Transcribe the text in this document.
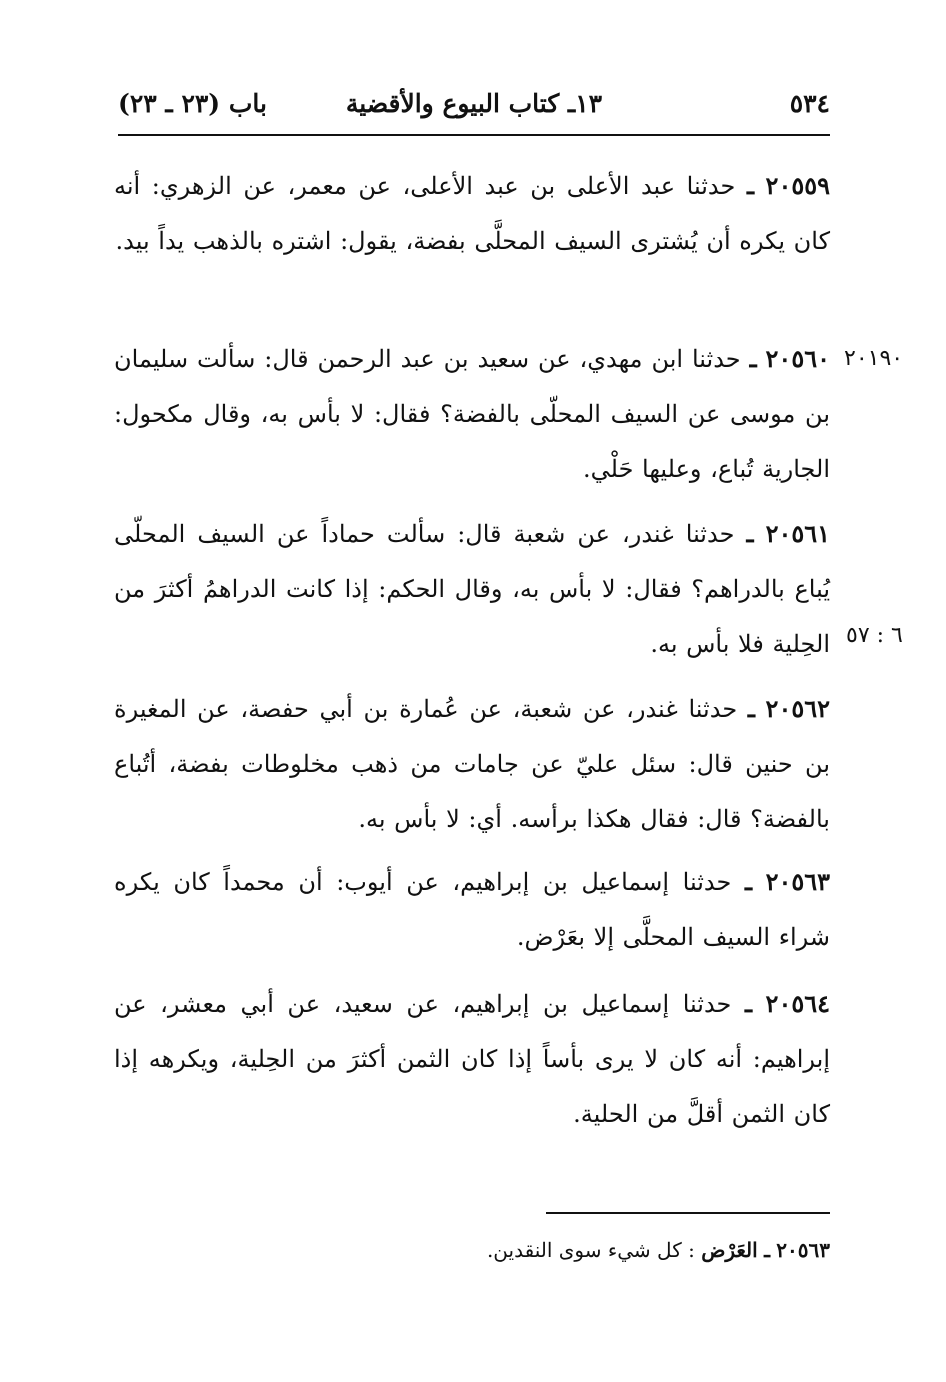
٥٣٤
١٣ـ كتاب البيوع والأقضية
باب (٢٣ ـ ٢٣)
٢٠٥٥٩ ـ حدثنا عبد الأعلى بن عبد الأعلى، عن معمر، عن الزهري: أنه كان يكره أن يُشترى السيف المحلَّى بفضة، يقول: اشتره بالذهب يداً بيد.
٢٠١٩٠
٢٠٥٦٠ ـ حدثنا ابن مهدي، عن سعيد بن عبد الرحمن قال: سألت سليمان بن موسى عن السيف المحلّى بالفضة؟ فقال: لا بأس به، وقال مكحول: الجارية تُباع، وعليها حَلْي.
٦ : ٥٧
٢٠٥٦١ ـ حدثنا غندر، عن شعبة قال: سألت حماداً عن السيف المحلّى يُباع بالدراهم؟ فقال: لا بأس به، وقال الحكم: إذا كانت الدراهمُ أكثرَ من الحِلية فلا بأس به.
٢٠٥٦٢ ـ حدثنا غندر، عن شعبة، عن عُمارة بن أبي حفصة، عن المغيرة بن حنين قال: سئل عليّ عن جامات من ذهب مخلوطات بفضة، أتُباع بالفضة؟ قال: فقال هكذا برأسه. أي: لا بأس به.
٢٠٥٦٣ ـ حدثنا إسماعيل بن إبراهيم، عن أيوب: أن محمداً كان يكره شراء السيف المحلَّى إلا بعَرْض.
٢٠٥٦٤ ـ حدثنا إسماعيل بن إبراهيم، عن سعيد، عن أبي معشر، عن إبراهيم: أنه كان لا يرى بأساً إذا كان الثمن أكثرَ من الحِلية، ويكرهه إذا كان الثمن أقلَّ من الحلية.
٢٠٥٦٣ ـ العَرْض : كل شيء سوى النقدين.
